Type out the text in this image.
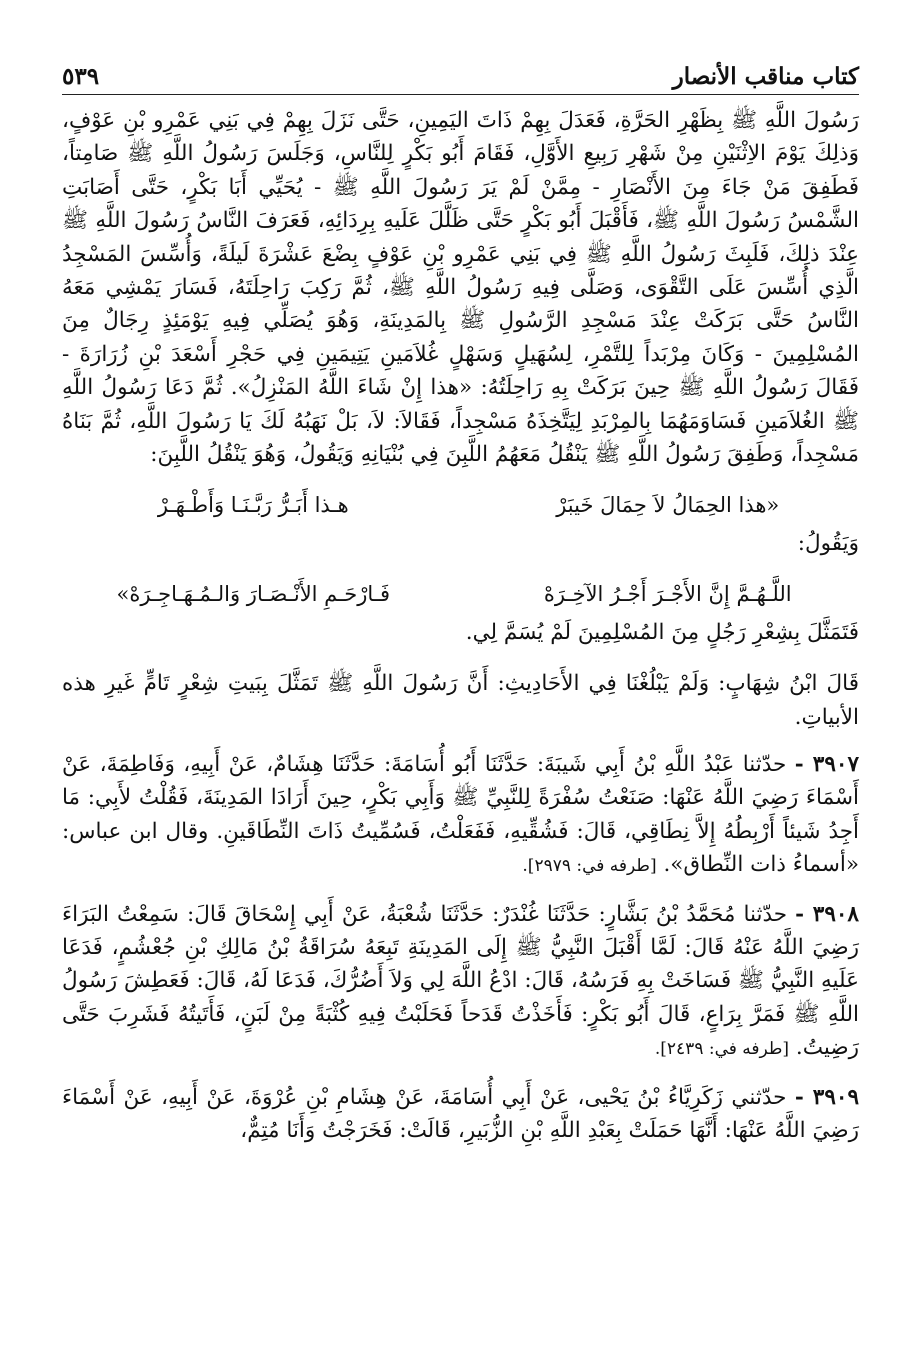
٥٣٩	كتاب مناقب الأنصار

رَسُولَ اللَّهِ ﷺ بِظَهْرِ الحَرَّةِ، فَعَدَلَ بِهِمْ ذَاتَ اليَمِينِ، حَتَّى نَزَلَ بِهِمْ فِي بَنِي عَمْرِو بْنِ عَوْفٍ، وَذلِكَ يَوْمَ الاِثْنَيْنِ مِنْ شَهْرِ رَبِيعِ الأَوَّلِ، فَقَامَ أَبُو بَكْرٍ لِلنَّاسِ، وَجَلَسَ رَسُولُ اللَّهِ ﷺ صَامِتاً، فَطَفِقَ مَنْ جَاءَ مِنَ الأَنْصَارِ - مِمَّنْ لَمْ يَرَ رَسُولَ اللَّهِ ﷺ - يُحَيِّي أَبَا بَكْرٍ، حَتَّى أَصَابَتِ الشَّمْسُ رَسُولَ اللَّهِ ﷺ، فَأَقْبَلَ أَبُو بَكْرٍ حَتَّى ظَلَّلَ عَلَيهِ بِرِدَائِهِ، فَعَرَفَ النَّاسُ رَسُولَ اللَّهِ ﷺ عِنْدَ ذلِكَ، فَلَبِثَ رَسُولُ اللَّهِ ﷺ فِي بَنِي عَمْرِو بْنِ عَوْفٍ بِضْعَ عَشْرَةَ لَيلَةً، وَأُسِّسَ المَسْجِدُ الَّذِي أُسِّسَ عَلَى التَّقْوَى، وَصَلَّى فِيهِ رَسُولُ اللَّهِ ﷺ، ثُمَّ رَكِبَ رَاحِلَتَهُ، فَسَارَ يَمْشِي مَعَهُ النَّاسُ حَتَّى بَرَكَتْ عِنْدَ مَسْجِدِ الرَّسُولِ ﷺ بِالمَدِينَةِ، وَهُوَ يُصَلِّي فِيهِ يَوْمَئِذٍ رِجَالٌ مِنَ المُسْلِمِينَ - وَكَانَ مِرْبَداً لِلتَّمْرِ، لِسُهَيلٍ وَسَهْلٍ غُلاَمَينِ يَتِيمَينِ فِي حَجْرِ أَسْعَدَ بْنِ زُرَارَةَ - فَقَالَ رَسُولُ اللَّهِ ﷺ حِينَ بَرَكَتْ بِهِ رَاحِلَتُهُ: «هذا إِنْ شَاءَ اللَّهُ المَنْزِلُ». ثُمَّ دَعَا رَسُولُ اللَّهِ ﷺ الغُلاَمَينِ فَسَاوَمَهُمَا بِالمِرْبَدِ لِيَتَّخِذَهُ مَسْجِداً، فَقَالاَ: لاَ، بَلْ نَهَبُهُ لَكَ يَا رَسُولَ اللَّهِ، ثُمَّ بَنَاهُ مَسْجِداً، وَطَفِقَ رَسُولُ اللَّهِ ﷺ يَنْقُلُ مَعَهُمُ اللَّبِنَ فِي بُنْيَانِهِ وَيَقُولُ، وَهُوَ يَنْقُلُ اللَّبِنَ:

«هذا الحِمَالُ لاَ حِمَالَ خَيبَرْ
هـذا أَبَـرُّ رَبَّـنَـا وَأَطْـهَـرْ

وَيَقُولُ:

اللَّـهُـمَّ إِنَّ الأَجْـرَ أَجْـرُ الآخِـرَهْ
فَـارْحَـمِ الأَنْـصَـارَ وَالـمُـهَـاجِـرَهْ»

فَتَمَثَّلَ بِشِعْرِ رَجُلٍ مِنَ المُسْلِمِينَ لَمْ يُسَمَّ لِي.

قَالَ ابْنُ شِهَابٍ: وَلَمْ يَبْلُغْنَا فِي الأَحَادِيثِ: أَنَّ رَسُولَ اللَّهِ ﷺ تَمَثَّلَ بِبَيتِ شِعْرٍ تَامٍّ غَيرِ هذه الأبياتِ.

٣٩٠٧ - حدّثنا عَبْدُ اللَّهِ بْنُ أَبِي شَيبَةَ: حَدَّثَنَا أَبُو أُسَامَةَ: حَدَّثَنَا هِشَامٌ، عَنْ أَبِيهِ، وَفَاطِمَةَ، عَنْ أَسْمَاءَ رَضِيَ اللَّهُ عَنْهَا: صَنَعْتُ سُفْرَةً لِلنَّبِيِّ ﷺ وَأَبِي بَكْرٍ، حِينَ أَرَادَا المَدِينَةَ، فَقُلْتُ لأَبِي: مَا أَجِدُ شَيئاً أَرْبِطُهُ إِلاَّ نِطَاقِي، قَالَ: فَشُقِّيهِ، فَفَعَلْتُ، فَسُمِّيتُ ذَاتَ النِّطَاقَينِ. وقال ابن عباس: «أسماءُ ذات النِّطاق». [طرفه في: ٢٩٧٩].

٣٩٠٨ - حدّثنا مُحَمَّدُ بْنُ بَشَّارٍ: حَدَّثَنَا غُنْدَرٌ: حَدَّثَنَا شُعْبَةُ، عَنْ أَبِي إِسْحَاقَ قَالَ: سَمِعْتُ البَرَاءَ رَضِيَ اللَّهُ عَنْهُ قَالَ: لَمَّا أَقْبَلَ النَّبِيُّ ﷺ إِلَى المَدِينَةِ تَبِعَهُ سُرَاقَةُ بْنُ مَالِكِ بْنِ جُعْشُمٍ، فَدَعَا عَلَيهِ النَّبِيُّ ﷺ فَسَاخَتْ بِهِ فَرَسُهُ، قَالَ: ادْعُ اللَّهَ لِي وَلاَ أَضُرُّكَ، فَدَعَا لَهُ، قَالَ: فَعَطِشَ رَسُولُ اللَّهِ ﷺ فَمَرَّ بِرَاعٍ، قَالَ أَبُو بَكْرٍ: فَأَخَذْتُ قَدَحاً فَحَلَبْتُ فِيهِ كُثْبَةً مِنْ لَبَنٍ، فَأَتَيتُهُ فَشَرِبَ حَتَّى رَضِيتُ. [طرفه في: ٢٤٣٩].

٣٩٠٩ - حدّثني زَكَرِيَّاءُ بْنُ يَحْيى، عَنْ أَبِي أُسَامَةَ، عَنْ هِشَامِ بْنِ عُرْوَةَ، عَنْ أَبِيهِ، عَنْ أَسْمَاءَ رَضِيَ اللَّهُ عَنْهَا: أَنَّهَا حَمَلَتْ بِعَبْدِ اللَّهِ بْنِ الزُّبَيرِ، قَالَتْ: فَخَرَجْتُ وَأَنَا مُتِمٌّ،
